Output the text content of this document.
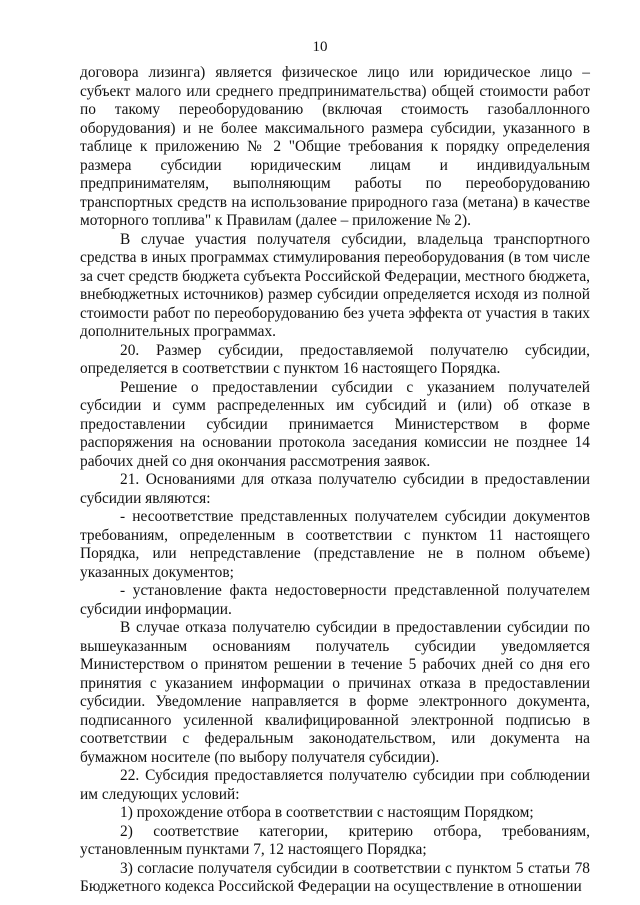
10

договора лизинга) является физическое лицо или юридическое лицо – субъект малого или среднего предпринимательства) общей стоимости работ по такому переоборудованию (включая стоимость газобаллонного оборудования) и не более максимального размера субсидии, указанного в таблице к приложению № 2 "Общие требования к порядку определения размера субсидии юридическим лицам и индивидуальным предпринимателям, выполняющим работы по переоборудованию транспортных средств на использование природного газа (метана) в качестве моторного топлива" к Правилам (далее – приложение № 2).

В случае участия получателя субсидии, владельца транспортного средства в иных программах стимулирования переоборудования (в том числе за счет средств бюджета субъекта Российской Федерации, местного бюджета, внебюджетных источников) размер субсидии определяется исходя из полной стоимости работ по переоборудованию без учета эффекта от участия в таких дополнительных программах.

20. Размер субсидии, предоставляемой получателю субсидии, определяется в соответствии с пунктом 16 настоящего Порядка.

Решение о предоставлении субсидии с указанием получателей субсидии и сумм распределенных им субсидий и (или) об отказе в предоставлении субсидии принимается Министерством в форме распоряжения на основании протокола заседания комиссии не позднее 14 рабочих дней со дня окончания рассмотрения заявок.

21. Основаниями для отказа получателю субсидии в предоставлении субсидии являются:

- несоответствие представленных получателем субсидии документов требованиям, определенным в соответствии с пунктом 11 настоящего Порядка, или непредставление (представление не в полном объеме) указанных документов;

- установление факта недостоверности представленной получателем субсидии информации.

В случае отказа получателю субсидии в предоставлении субсидии по вышеуказанным основаниям получатель субсидии уведомляется Министерством о принятом решении в течение 5 рабочих дней со дня его принятия с указанием информации о причинах отказа в предоставлении субсидии. Уведомление направляется в форме электронного документа, подписанного усиленной квалифицированной электронной подписью в соответствии с федеральным законодательством, или документа на бумажном носителе (по выбору получателя субсидии).

22. Субсидия предоставляется получателю субсидии при соблюдении им следующих условий:

1) прохождение отбора в соответствии с настоящим Порядком;

2) соответствие категории, критерию отбора, требованиям, установленным пунктами 7, 12 настоящего Порядка;

3) согласие получателя субсидии в соответствии с пунктом 5 статьи 78 Бюджетного кодекса Российской Федерации на осуществление в отношении
